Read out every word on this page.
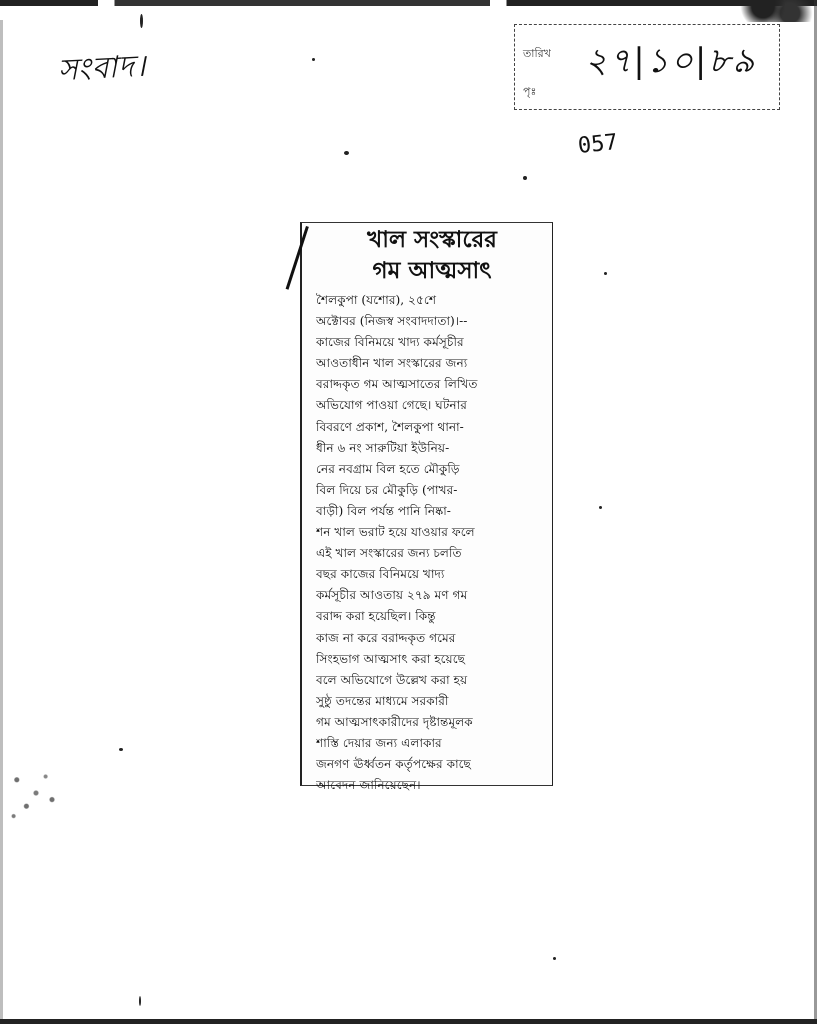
সংবাদ।	তারিখ ২৭|১০|৮৯
পৃঃ
057
খাল সংস্কারের
গম আত্মসাৎ
শৈলকুপা (যশোর), ২৫শে
অক্টোবর (নিজস্ব সংবাদদাতা)।--
কাজের বিনিময়ে খাদ্য কর্মসূচীর
আওতাধীন খাল সংস্কারের জন্য
বরাদ্দকৃত গম আত্মসাতের লিখিত
অভিযোগ পাওয়া গেছে। ঘটনার
বিবরণে প্রকাশ, শৈলকুপা থানা-
ধীন ৬ নং সারুটিয়া ইউনিয়-
নের নবগ্রাম বিল হতে মৌকুড়ি
বিল দিয়ে চর মৌকুড়ি (পাখর-
বাড়ী) বিল পর্যন্ত পানি নিষ্কা-
শন খাল ভরাট হয়ে যাওয়ার ফলে
এই খাল সংস্কারের জন্য চলতি
বছর কাজের বিনিময়ে খাদ্য
কর্মসূচীর আওতায় ২৭৯ মণ গম
বরাদ্দ করা হয়েছিল। কিন্তু
কাজ না করে বরাদ্দকৃত গমের
সিংহভাগ আত্মসাৎ করা হয়েছে
বলে অভিযোগে উল্লেখ করা হয়
সুষ্ঠু তদন্তের মাধ্যমে সরকারী
গম আত্মসাৎকারীদের দৃষ্টান্তমূলক
শাস্তি দেয়ার জন্য এলাকার
জনগণ ঊর্ধ্বতন কর্তৃপক্ষের কাছে
আবেদন জানিয়েছেন।
